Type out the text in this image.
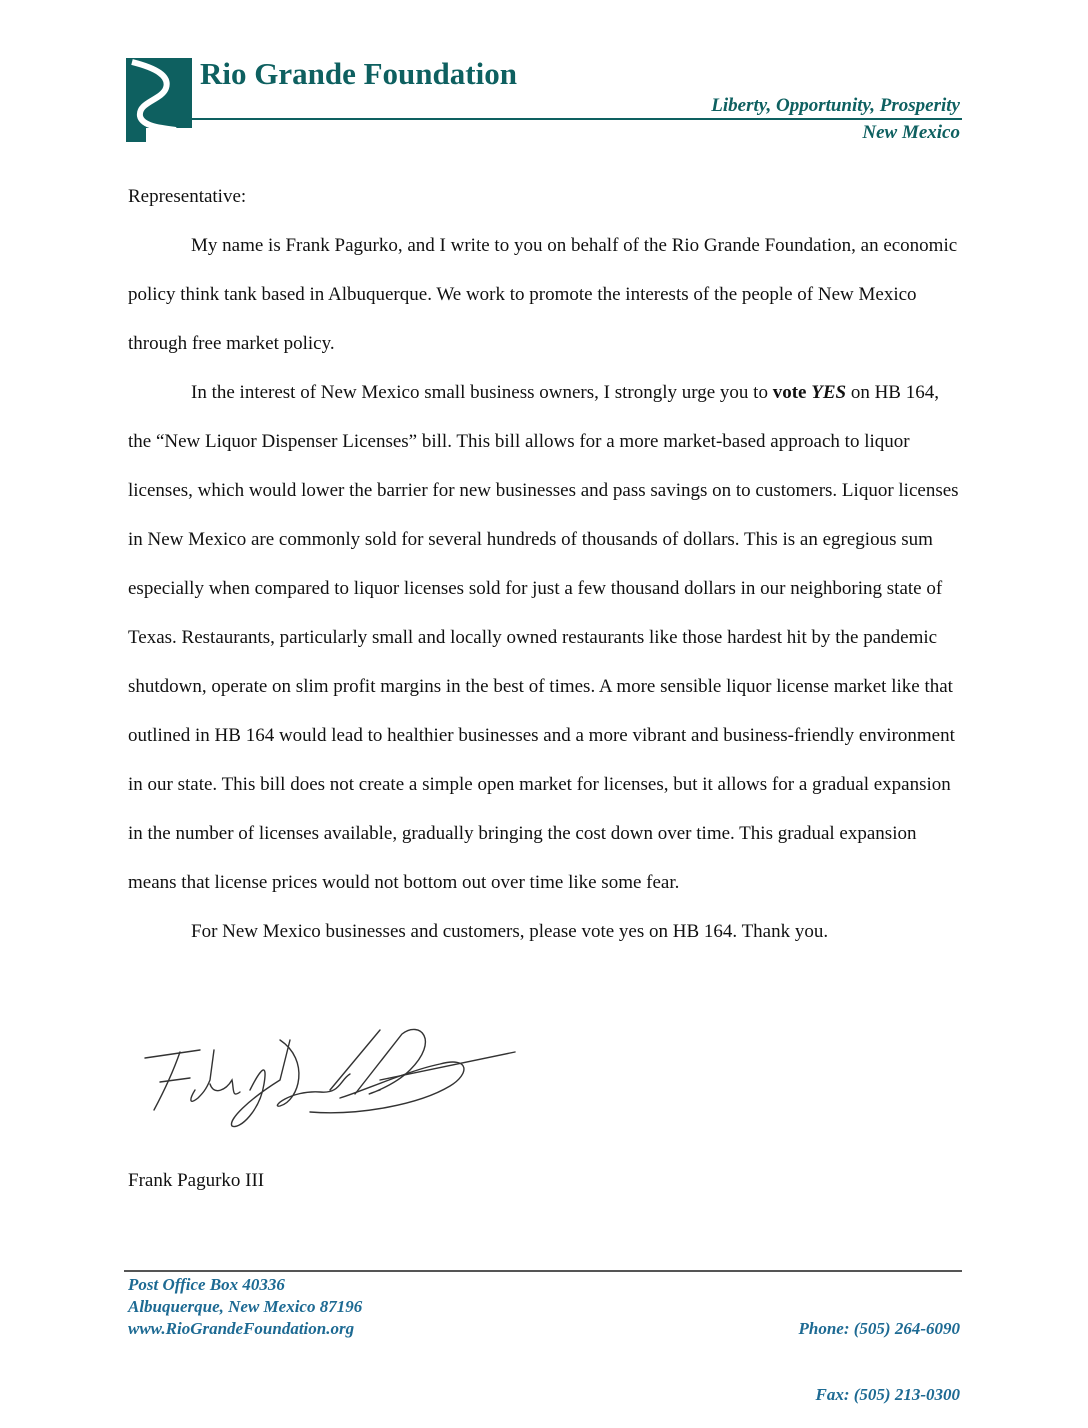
Rio Grande Foundation
Liberty, Opportunity, Prosperity
New Mexico

Representative:

My name is Frank Pagurko, and I write to you on behalf of the Rio Grande Foundation, an economic policy think tank based in Albuquerque. We work to promote the interests of the people of New Mexico through free market policy.

In the interest of New Mexico small business owners, I strongly urge you to vote YES on HB 164, the “New Liquor Dispenser Licenses” bill. This bill allows for a more market-based approach to liquor licenses, which would lower the barrier for new businesses and pass savings on to customers. Liquor licenses in New Mexico are commonly sold for several hundreds of thousands of dollars. This is an egregious sum especially when compared to liquor licenses sold for just a few thousand dollars in our neighboring state of Texas. Restaurants, particularly small and locally owned restaurants like those hardest hit by the pandemic shutdown, operate on slim profit margins in the best of times. A more sensible liquor license market like that outlined in HB 164 would lead to healthier businesses and a more vibrant and business-friendly environment in our state. This bill does not create a simple open market for licenses, but it allows for a gradual expansion in the number of licenses available, gradually bringing the cost down over time. This gradual expansion means that license prices would not bottom out over time like some fear.

For New Mexico businesses and customers, please vote yes on HB 164. Thank you.

Frank Pagurko III
Post Office Box 40336
Albuquerque, New Mexico 87196
www.RioGrandeFoundation.org

	Phone: (505) 264-6090

Fax: (505) 213-0300
